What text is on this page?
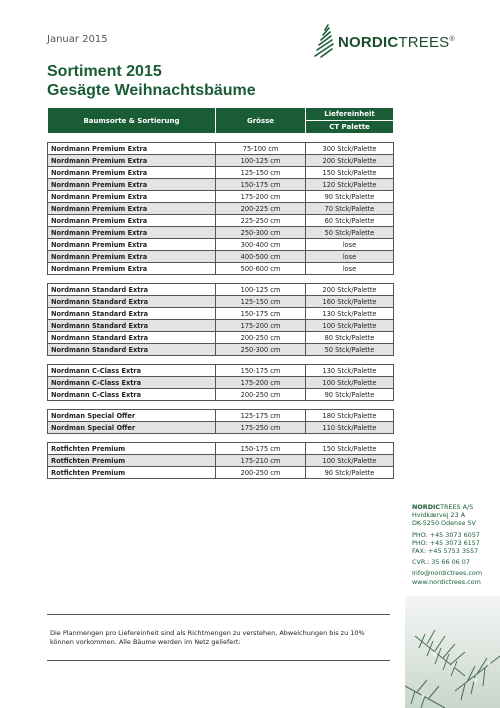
Januar 2015	NORDICTREES®
Sortiment 2015
Gesägte Weihnachtsbäume
Baumsorte & Sortierung	Grösse	Liefereinheit
		CT Palette

Nordmann Premium Extra	75-100 cm	300 Stck/Palette
Nordmann Premium Extra	100-125 cm	200 Stck/Palette
Nordmann Premium Extra	125-150 cm	150 Stck/Palette
Nordmann Premium Extra	150-175 cm	120 Stck/Palette
Nordmann Premium Extra	175-200 cm	90 Stck/Palette
Nordmann Premium Extra	200-225 cm	70 Stck/Palette
Nordmann Premium Extra	225-250 cm	60 Stck/Palette
Nordmann Premium Extra	250-300 cm	50 Stck/Palette
Nordmann Premium Extra	300-400 cm	lose
Nordmann Premium Extra	400-500 cm	lose
Nordmann Premium Extra	500-600 cm	lose

Nordmann Standard Extra	100-125 cm	200 Stck/Palette
Nordmann Standard Extra	125-150 cm	160 Stck/Palette
Nordmann Standard Extra	150-175 cm	130 Stck/Palette
Nordmann Standard Extra	175-200 cm	100 Stck/Palette
Nordmann Standard Extra	200-250 cm	80 Stck/Palette
Nordmann Standard Extra	250-300 cm	50 Stck/Palette

Nordmann C-Class Extra	150-175 cm	130 Stck/Palette
Nordmann C-Class Extra	175-200 cm	100 Stck/Palette
Nordmann C-Class Extra	200-250 cm	90 Stck/Palette

Nordman Special Offer	125-175 cm	180 Stck/Palette
Nordman Special Offer	175-250 cm	110 Stck/Palette

Rotfichten Premium	150-175 cm	150 Stck/Palette
Rotfichten Premium	175-210 cm	100 Stck/Palette
Rotfichten Premium	200-250 cm	90 Stck/Palette
NORDICTREES A/S
Hvidkærvej 23 A
DK-5250 Odense SV
PHO: +45 3073 6057
PHO: +45 3073 6157
FAX: +45 5753 3557
CVR.: 35 66 06 07
info@nordictrees.com
www.nordictrees.com
Die Planmengen pro Liefereinheit sind als Richtmengen zu verstehen, Abweichungen bis zu 10% können vorkommen. Alle Bäume werden im Netz geliefert:
